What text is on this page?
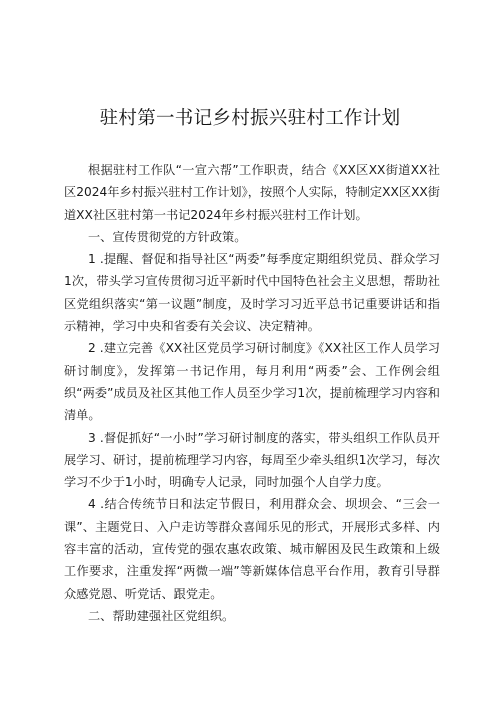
驻村第一书记乡村振兴驻村工作计划

根据驻村工作队“一宣六帮”工作职责，结合《XX区XX街道XX社区2024年乡村振兴驻村工作计划》，按照个人实际，特制定XX区XX街道XX社区驻村第一书记2024年乡村振兴驻村工作计划。

一、宣传贯彻党的方针政策。

1 .提醒、督促和指导社区“两委”每季度定期组织党员、群众学习1次，带头学习宣传贯彻习近平新时代中国特色社会主义思想，帮助社区党组织落实“第一议题”制度，及时学习习近平总书记重要讲话和指示精神，学习中央和省委有关会议、决定精神。

2 .建立完善《XX社区党员学习研讨制度》《XX社区工作人员学习研讨制度》，发挥第一书记作用，每月利用“两委”会、工作例会组织“两委”成员及社区其他工作人员至少学习1次，提前梳理学习内容和清单。

3 .督促抓好“一小时”学习研讨制度的落实，带头组织工作队员开展学习、研讨，提前梳理学习内容，每周至少牵头组织1次学习，每次学习不少于1小时，明确专人记录，同时加强个人自学力度。

4 .结合传统节日和法定节假日，利用群众会、坝坝会、“三会一课”、主题党日、入户走访等群众喜闻乐见的形式，开展形式多样、内容丰富的活动，宣传党的强农惠农政策、城市解困及民生政策和上级工作要求，注重发挥“两微一端”等新媒体信息平台作用，教育引导群众感党恩、听党话、跟党走。

二、帮助建强社区党组织。
